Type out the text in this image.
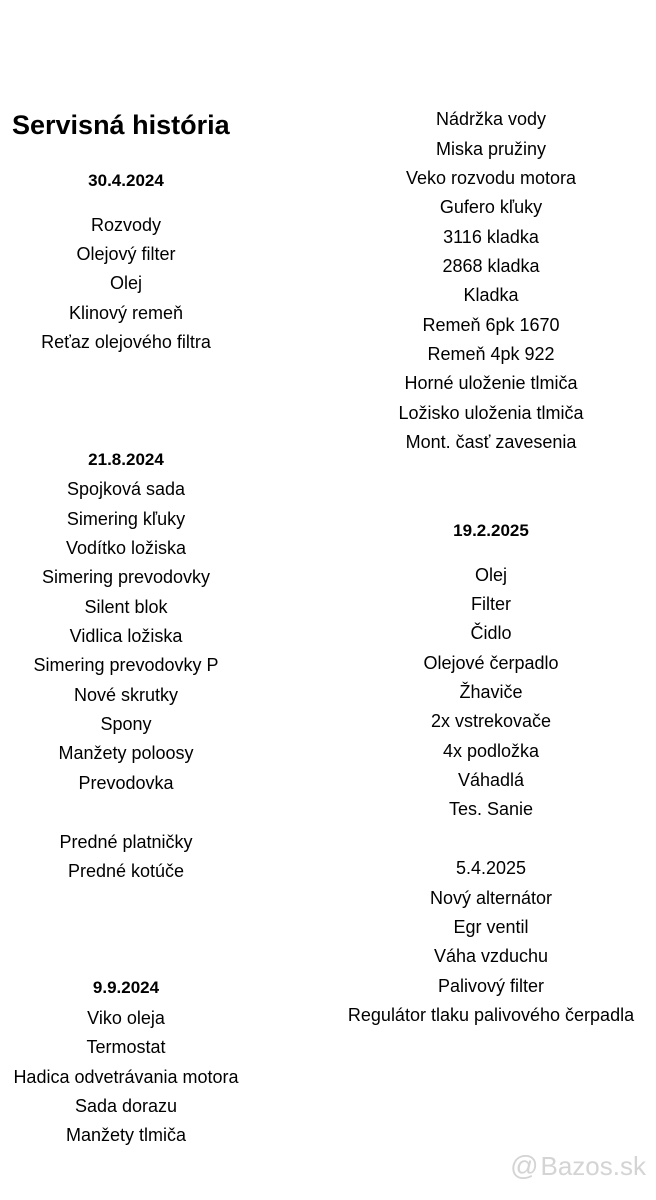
Servisná história
30.4.2024
Rozvody
Olejový filter
Olej
Klinový remeň
Reťaz olejového filtra
21.8.2024
Spojková sada
Simering kľuky
Vodítko ložiska
Simering prevodovky
Silent blok
Vidlica ložiska
Simering prevodovky P
Nové skrutky
Spony
Manžety poloosy
Prevodovka
Predné platničky
Predné kotúče
9.9.2024
Viko oleja
Termostat
Hadica odvetrávania motora
Sada dorazu
Manžety tlmiča
Nádržka vody
Miska pružiny
Veko rozvodu motora
Gufero kľuky
3116 kladka
2868 kladka
Kladka
Remeň 6pk 1670
Remeň 4pk 922
Horné uloženie tlmiča
Ložisko uloženia tlmiča
Mont. časť zavesenia
19.2.2025
Olej
Filter
Čidlo
Olejové čerpadlo
Žhaviče
2x vstrekovače
4x podložka
Váhadlá
Tes. Sanie
5.4.2025
Nový alternátor
Egr ventil
Váha vzduchu
Palivový filter
Regulátor tlaku palivového čerpadla
@ Bazos.sk
